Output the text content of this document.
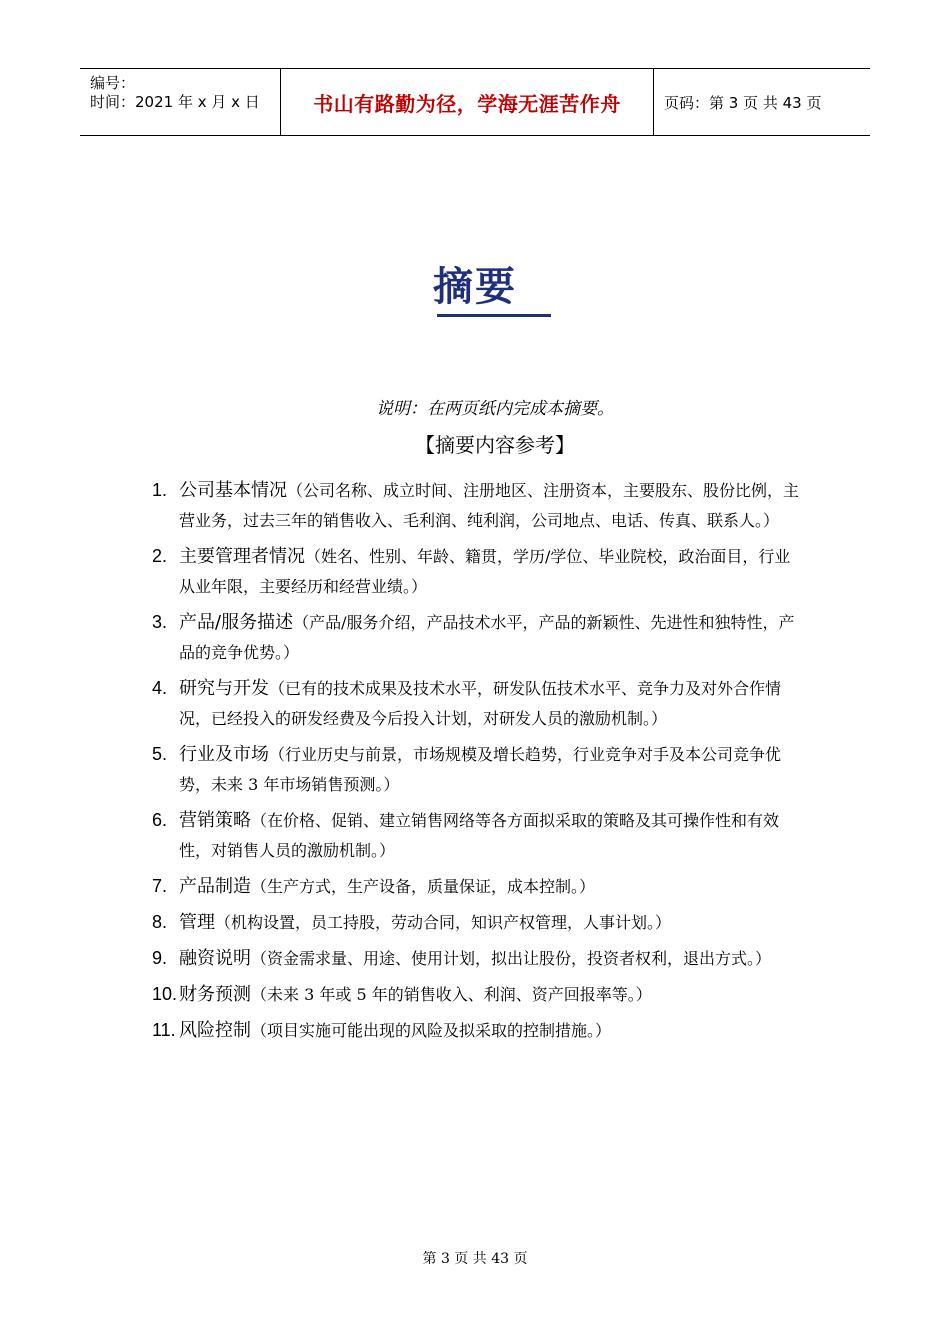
编号：
时间：2021 年 x 月 x 日	书山有路勤为径，学海无涯苦作舟	页码：第 3 页 共 43 页
摘要
说明：在两页纸内完成本摘要。
【摘要内容参考】
1. 公司基本情况（公司名称、成立时间、注册地区、注册资本，主要股东、股份比例，主营业务，过去三年的销售收入、毛利润、纯利润，公司地点、电话、传真、联系人。）
2. 主要管理者情况（姓名、性别、年龄、籍贯，学历/学位、毕业院校，政治面目，行业从业年限，主要经历和经营业绩。）
3. 产品/服务描述（产品/服务介绍，产品技术水平，产品的新颖性、先进性和独特性，产品的竞争优势。）
4. 研究与开发（已有的技术成果及技术水平，研发队伍技术水平、竞争力及对外合作情况，已经投入的研发经费及今后投入计划，对研发人员的激励机制。）
5. 行业及市场（行业历史与前景，市场规模及增长趋势，行业竞争对手及本公司竞争优势，未来 3 年市场销售预测。）
6. 营销策略（在价格、促销、建立销售网络等各方面拟采取的策略及其可操作性和有效性，对销售人员的激励机制。）
7. 产品制造（生产方式，生产设备，质量保证，成本控制。）
8. 管理（机构设置，员工持股，劳动合同，知识产权管理，人事计划。）
9. 融资说明（资金需求量、用途、使用计划，拟出让股份，投资者权利，退出方式。）
10. 财务预测（未来 3 年或 5 年的销售收入、利润、资产回报率等。）
11. 风险控制（项目实施可能出现的风险及拟采取的控制措施。）
第 3 页 共 43 页
